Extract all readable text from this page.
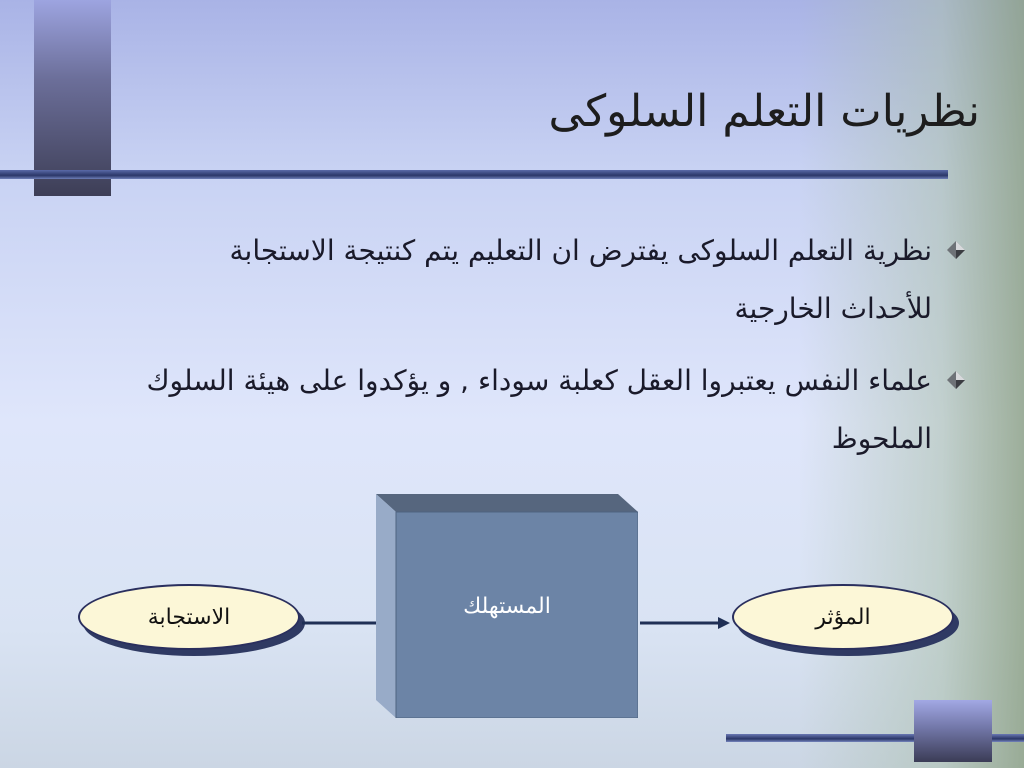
نظريات التعلم السلوكى
نظرية التعلم السلوكى يفترض ان التعليم يتم كنتيجة الاستجابة للأحداث الخارجية
علماء النفس يعتبروا العقل كعلبة سوداء , و يؤكدوا على هيئة السلوك الملحوظ
الاستجابة	المستهلك	المؤثر
